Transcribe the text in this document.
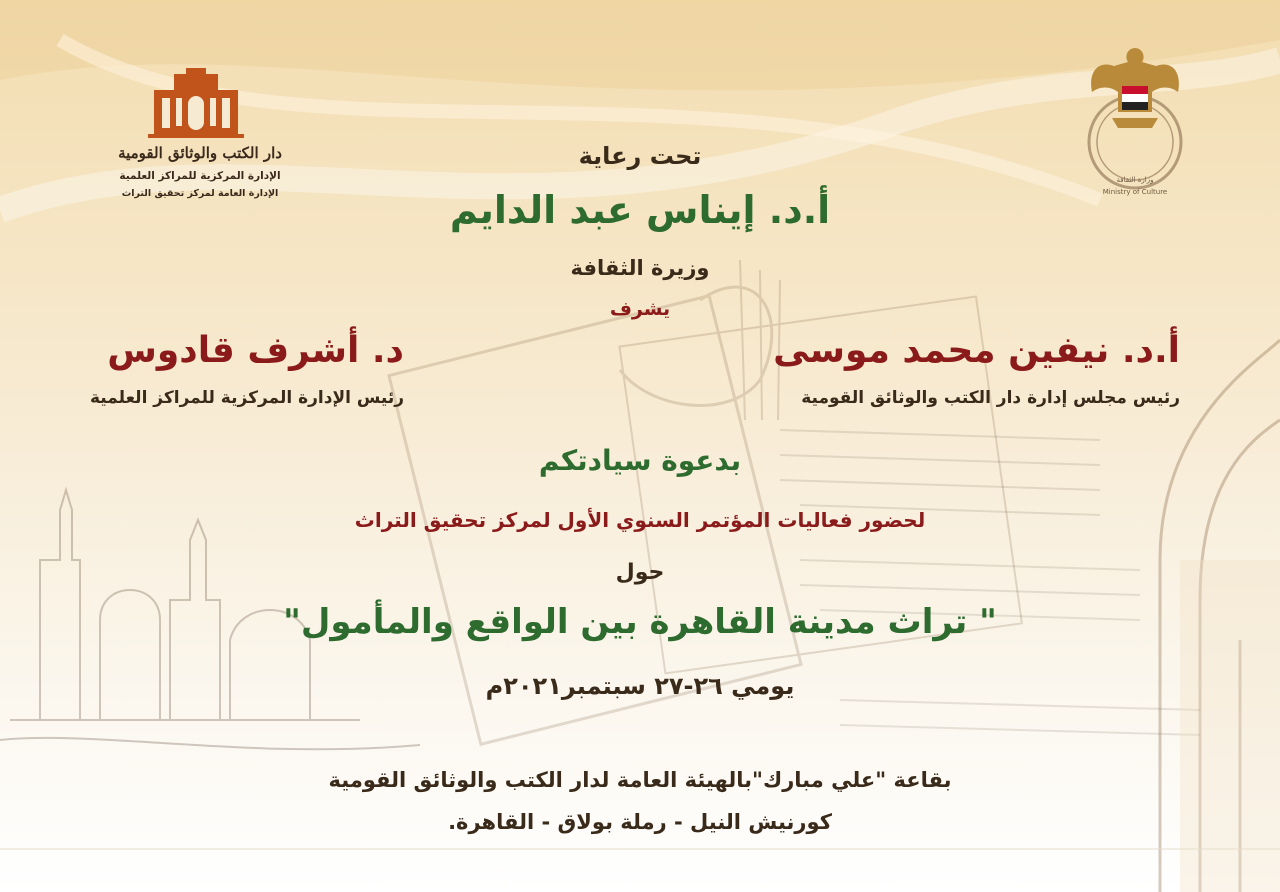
دار الكتب والوثائق القومية

الإدارة المركزية للمراكز العلمية

الإدارة العامة لمركز تحقيق التراث

وزارة الثقافة

Ministry of Culture

تحت رعاية

أ.د. إيناس عبد الدايم

وزيرة الثقافة

يشرف

أ.د. نيفين محمد موسى

رئيس مجلس إدارة دار الكتب والوثائق القومية

د. أشرف قادوس

رئيس الإدارة المركزية للمراكز العلمية

بدعوة سيادتكم

لحضور فعاليات المؤتمر السنوي الأول لمركز تحقيق التراث

حول

" تراث مدينة القاهرة بين الواقع والمأمول"

يومي ٢٦-٢٧ سبتمبر٢٠٢١م

بقاعة "علي مبارك"بالهيئة العامة لدار الكتب والوثائق القومية

كورنيش النيل - رملة بولاق - القاهرة.
